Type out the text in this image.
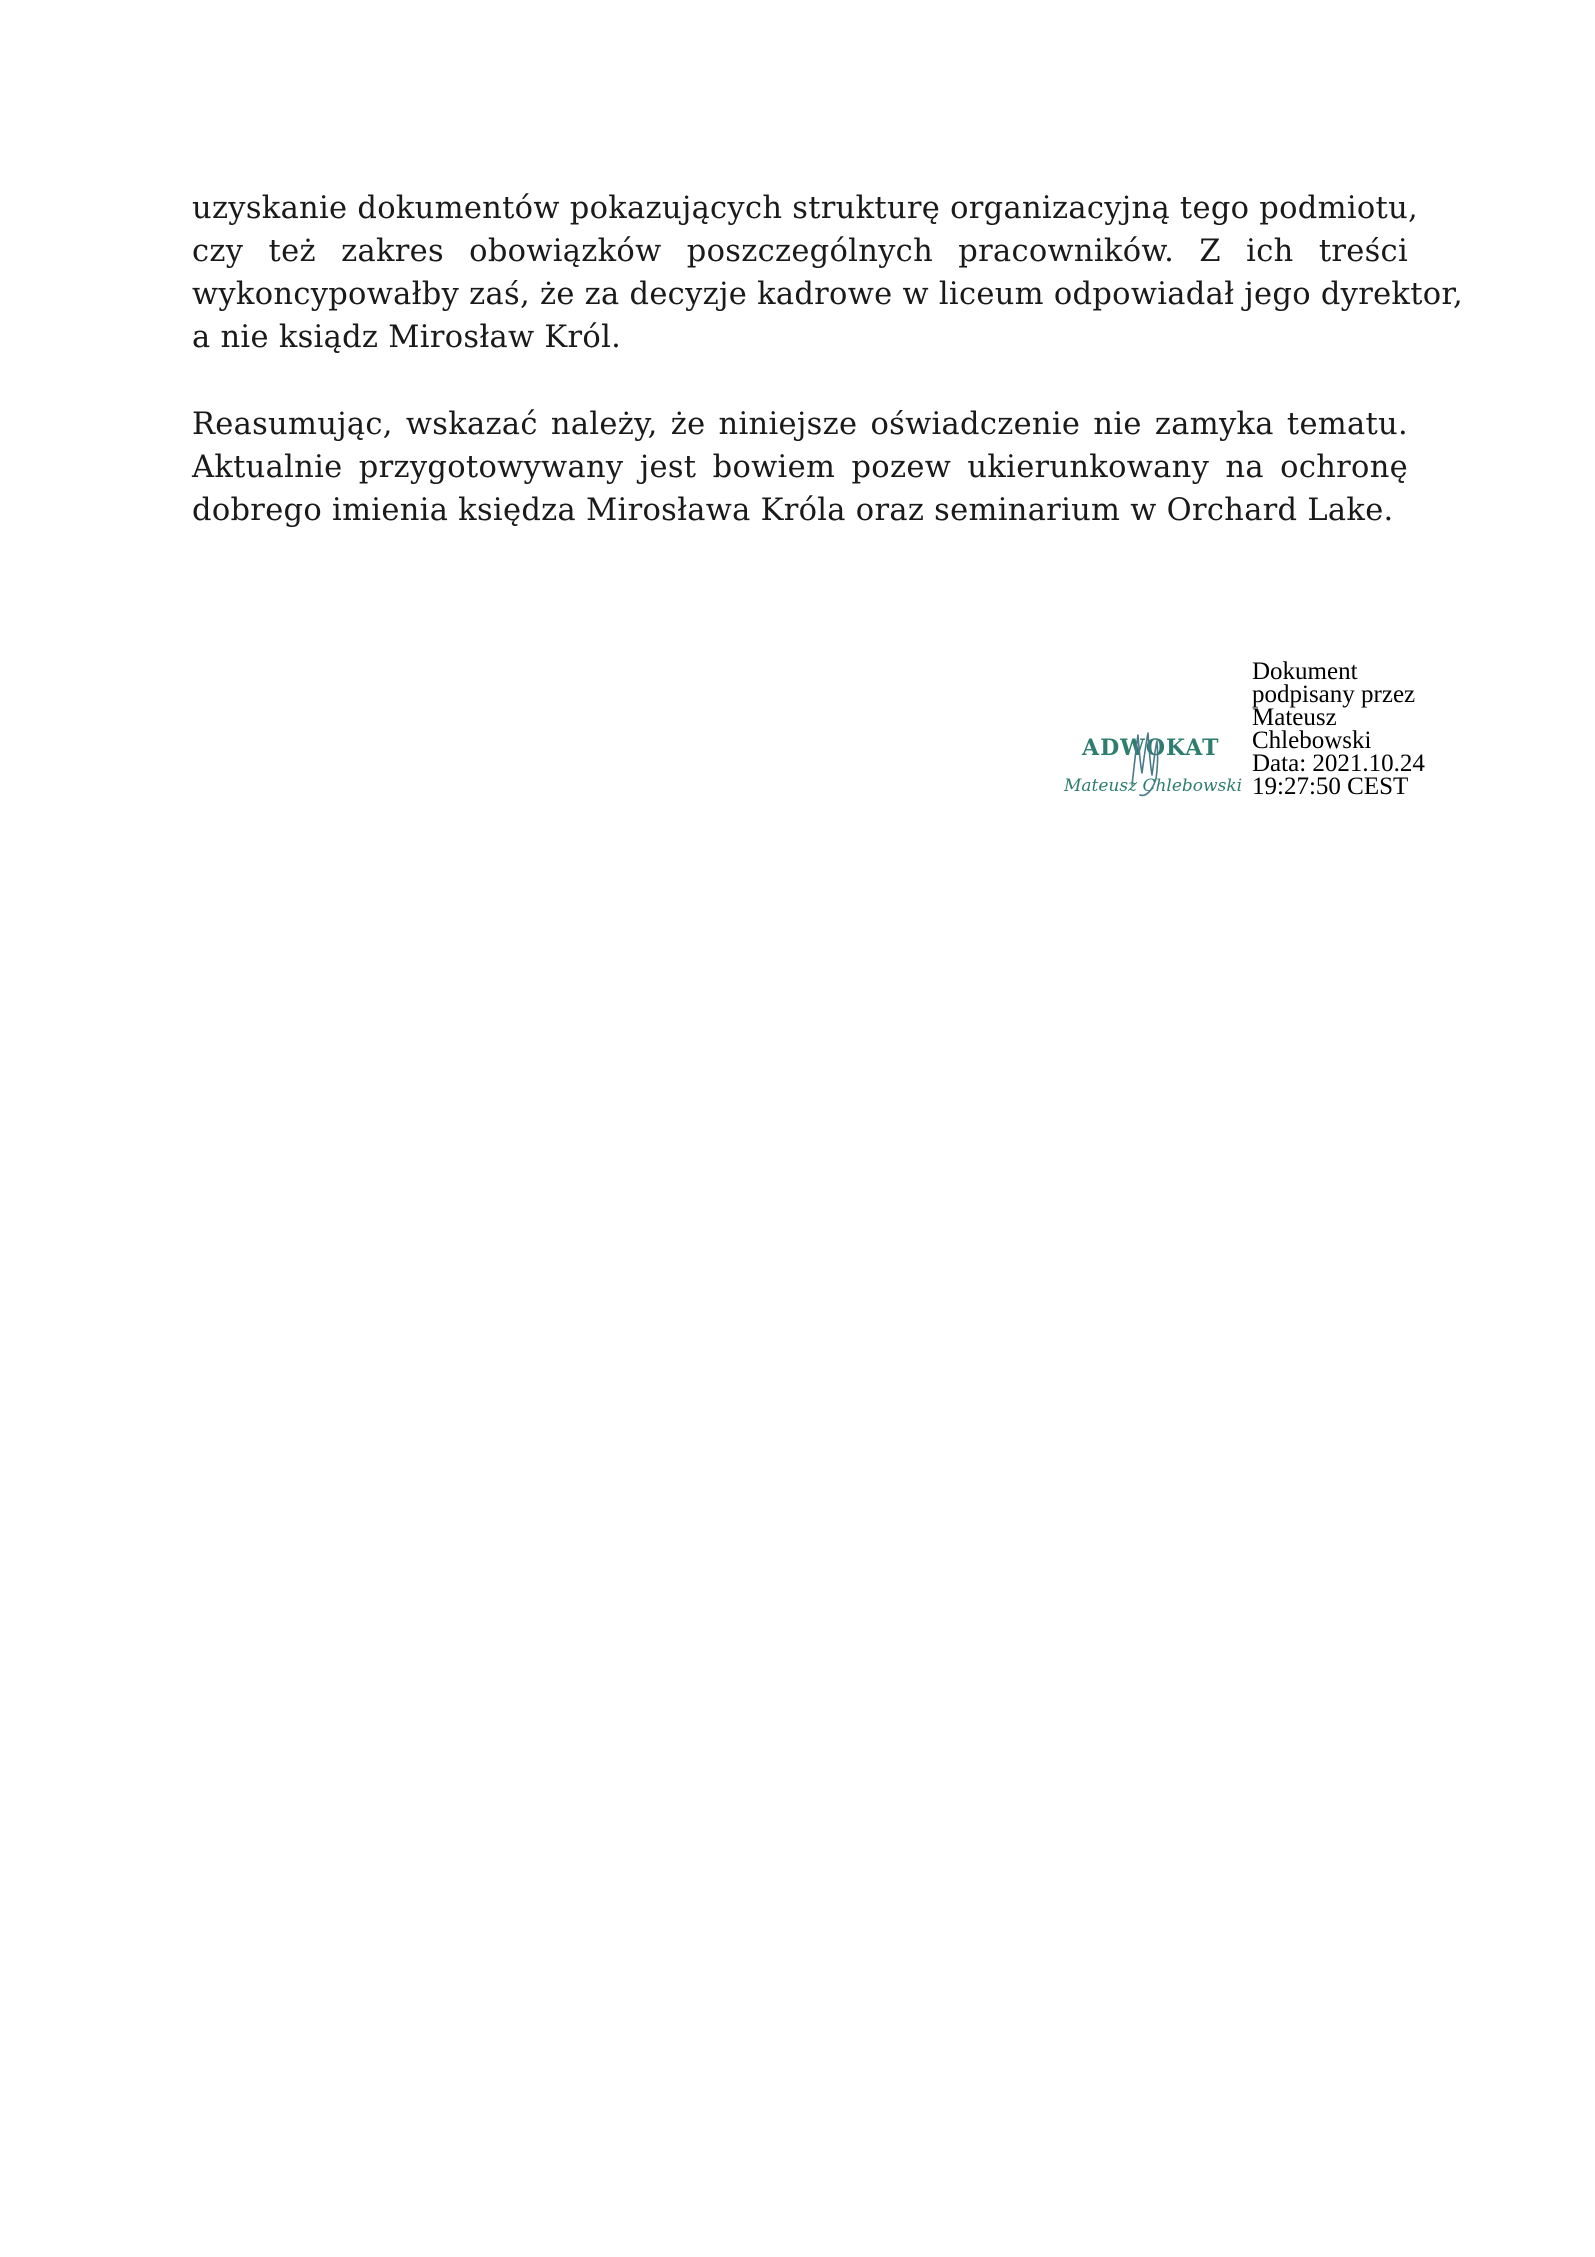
uzyskanie dokumentów pokazujących strukturę organizacyjną tego podmiotu,
czy też zakres obowiązków poszczególnych pracowników. Z ich treści
wykoncypowałby zaś, że za decyzje kadrowe w liceum odpowiadał jego dyrektor,
a nie ksiądz Mirosław Król.

Reasumując, wskazać należy, że niniejsze oświadczenie nie zamyka tematu.
Aktualnie przygotowywany jest bowiem pozew ukierunkowany na ochronę
dobrego imienia księdza Mirosława Króla oraz seminarium w Orchard Lake.

ADWOKAT
Mateusz Chlebowski
Dokument
podpisany przez
Mateusz
Chlebowski
Data: 2021.10.24
19:27:50 CEST
